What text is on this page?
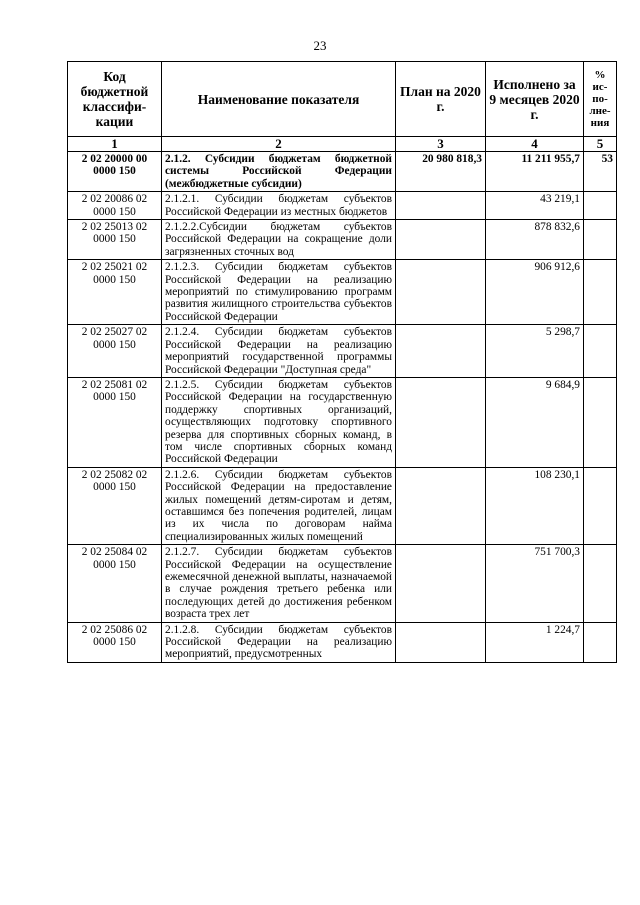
23
Код бюджетной классифи-кации	Наименование показателя	План на 2020 г.	Исполнено за 9 месяцев 2020 г.	% ис-по-лне-ния
1	2	3	4	5
2 02 20000 00 0000 150	2.1.2. Субсидии бюджетам бюджетной системы Российской Федерации (межбюджетные субсидии)	20 980 818,3	11 211 955,7	53
2 02 20086 02 0000 150	2.1.2.1. Субсидии бюджетам субъектов Российской Федерации из местных бюджетов		43 219,1	
2 02 25013 02 0000 150	2.1.2.2.Субсидии бюджетам субъектов Российской Федерации на сокращение доли загрязненных сточных вод		878 832,6	
2 02 25021 02 0000 150	2.1.2.3. Субсидии бюджетам субъектов Российской Федерации на реализацию мероприятий по стимулированию программ развития жилищного строительства субъектов Российской Федерации		906 912,6	
2 02 25027 02 0000 150	2.1.2.4. Субсидии бюджетам субъектов Российской Федерации на реализацию мероприятий государственной программы Российской Федерации "Доступная среда"		5 298,7	
2 02 25081 02 0000 150	2.1.2.5. Субсидии бюджетам субъектов Российской Федерации на государственную поддержку спортивных организаций, осуществляющих подготовку спортивного резерва для спортивных сборных команд, в том числе спортивных сборных команд Российской Федерации		9 684,9	
2 02 25082 02 0000 150	2.1.2.6. Субсидии бюджетам субъектов Российской Федерации на предоставление жилых помещений детям-сиротам и детям, оставшимся без попечения родителей, лицам из их числа по договорам найма специализированных жилых помещений		108 230,1	
2 02 25084 02 0000 150	2.1.2.7. Субсидии бюджетам субъектов Российской Федерации на осуществление ежемесячной денежной выплаты, назначаемой в случае рождения третьего ребенка или последующих детей до достижения ребенком возраста трех лет		751 700,3	
2 02 25086 02 0000 150	2.1.2.8. Субсидии бюджетам субъектов Российской Федерации на реализацию мероприятий, предусмотренных		1 224,7	
